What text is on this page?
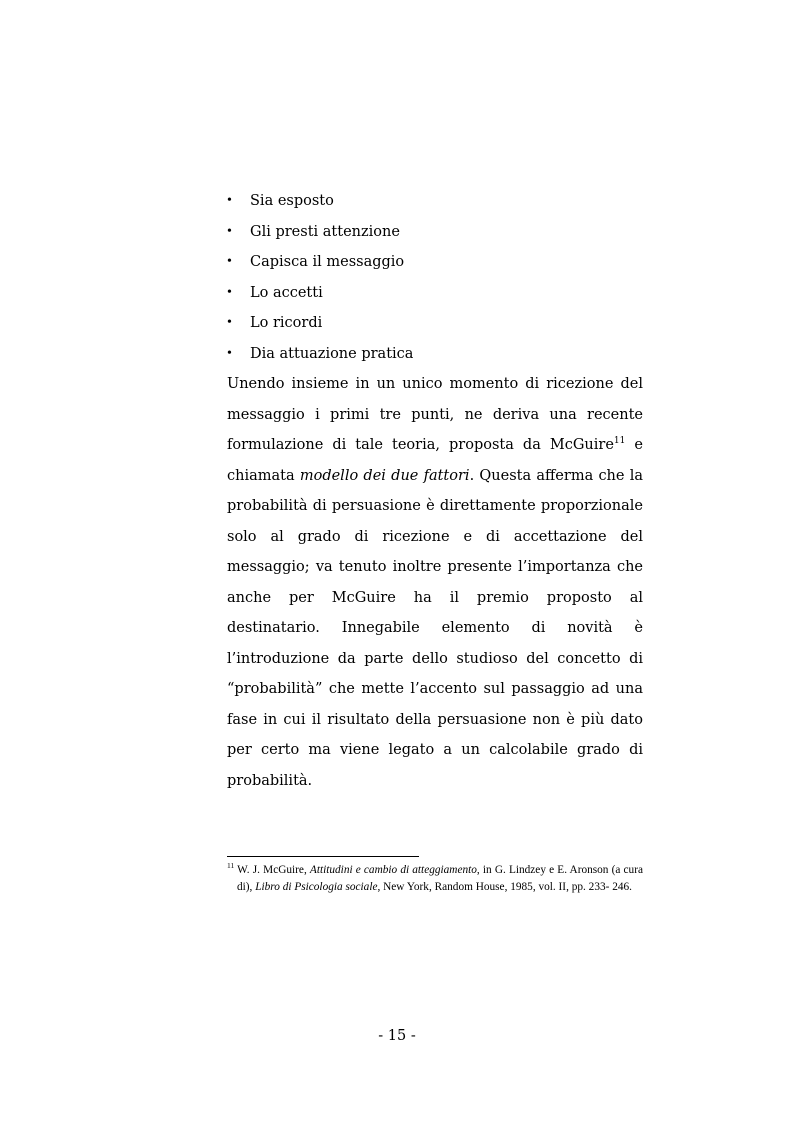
• Sia esposto
• Gli presti attenzione
• Capisca il messaggio
• Lo accetti
• Lo ricordi
• Dia attuazione pratica

Unendo insieme in un unico momento di ricezione del messaggio i primi tre punti, ne deriva una recente formulazione di tale teoria, proposta da McGuire$^{11}$ e chiamata modello dei due fattori. Questa afferma che la probabilità di persuasione è direttamente proporzionale solo al grado di ricezione e di accettazione del messaggio; va tenuto inoltre presente l’importanza che anche per McGuire ha il premio proposto al destinatario. Innegabile elemento di novità è l’introduzione da parte dello studioso del concetto di “probabilità” che mette l’accento sul passaggio ad una fase in cui il risultato della persuasione non è più dato per certo ma viene legato a un calcolabile grado di probabilità.

$^{11}$ W. J. McGuire, Attitudini e cambio di atteggiamento, in G. Lindzey e E. Aronson (a cura di), Libro di Psicologia sociale, New York, Random House, 1985, vol. II, pp. 233- 246.
- 15 -
